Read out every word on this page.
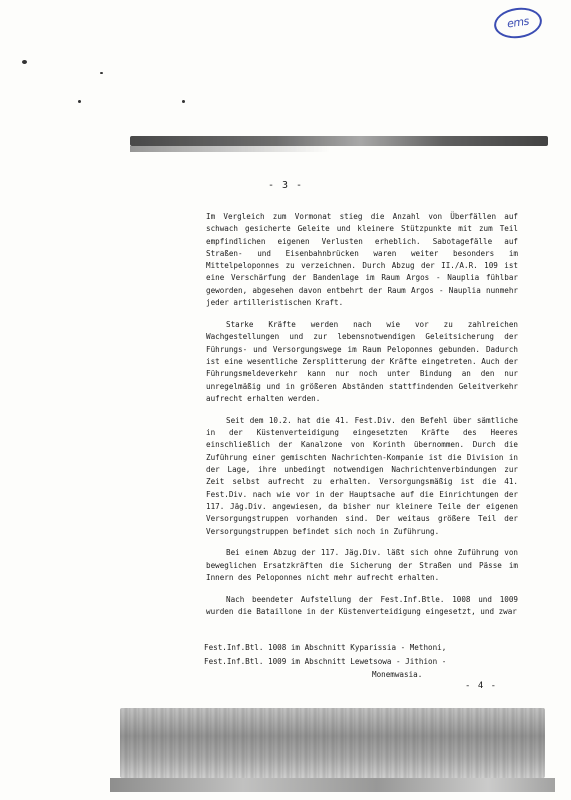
ems
- 3 -

Im Vergleich zum Vormonat stieg die Anzahl von Überfällen auf schwach gesicherte Geleite und kleinere Stützpunkte mit zum Teil empfindlichen eigenen Verlusten erheblich. Sabotagefälle auf Straßen- und Eisenbahnbrücken waren weiter besonders im Mittelpeloponnes zu verzeichnen. Durch Abzug der II./A.R. 109 ist eine Verschärfung der Bandenlage im Raum Argos - Nauplia fühlbar geworden, abgesehen davon entbehrt der Raum Argos - Nauplia nunmehr jeder artilleristischen Kraft.

Starke Kräfte werden nach wie vor zu zahlreichen Wachgestellungen und zur lebensnotwendigen Geleitsicherung der Führungs- und Versorgungswege im Raum Peloponnes gebunden. Dadurch ist eine wesentliche Zersplitterung der Kräfte eingetreten. Auch der Führungsmeldeverkehr kann nur noch unter Bindung an den nur unregelmäßig und in größeren Abständen stattfindenden Geleitverkehr aufrecht erhalten werden.

Seit dem 10.2. hat die 41. Fest.Div. den Befehl über sämtliche in der Küstenverteidigung eingesetzten Kräfte des Heeres einschließlich der Kanalzone von Korinth übernommen. Durch die Zuführung einer gemischten Nachrichten-Kompanie ist die Division in der Lage, ihre unbedingt notwendigen Nachrichtenverbindungen zur Zeit selbst aufrecht zu erhalten. Versorgungsmäßig ist die 41. Fest.Div. nach wie vor in der Hauptsache auf die Einrichtungen der 117. Jäg.Div. angewiesen, da bisher nur kleinere Teile der eigenen Versorgungstruppen vorhanden sind. Der weitaus größere Teil der Versorgungstruppen befindet sich noch in Zuführung.

Bei einem Abzug der 117. Jäg.Div. läßt sich ohne Zuführung von beweglichen Ersatzkräften die Sicherung der Straßen und Pässe im Innern des Peloponnes nicht mehr aufrecht erhalten.

Nach beendeter Aufstellung der Fest.Inf.Btle. 1008 und 1009 wurden die Bataillone in der Küstenverteidigung eingesetzt, und zwar

Fest.Inf.Btl. 1008 im Abschnitt Kyparissia - Methoni,
Fest.Inf.Btl. 1009 im Abschnitt Lewetsowa - Jithion -
Monemwasia.
- 4 -
